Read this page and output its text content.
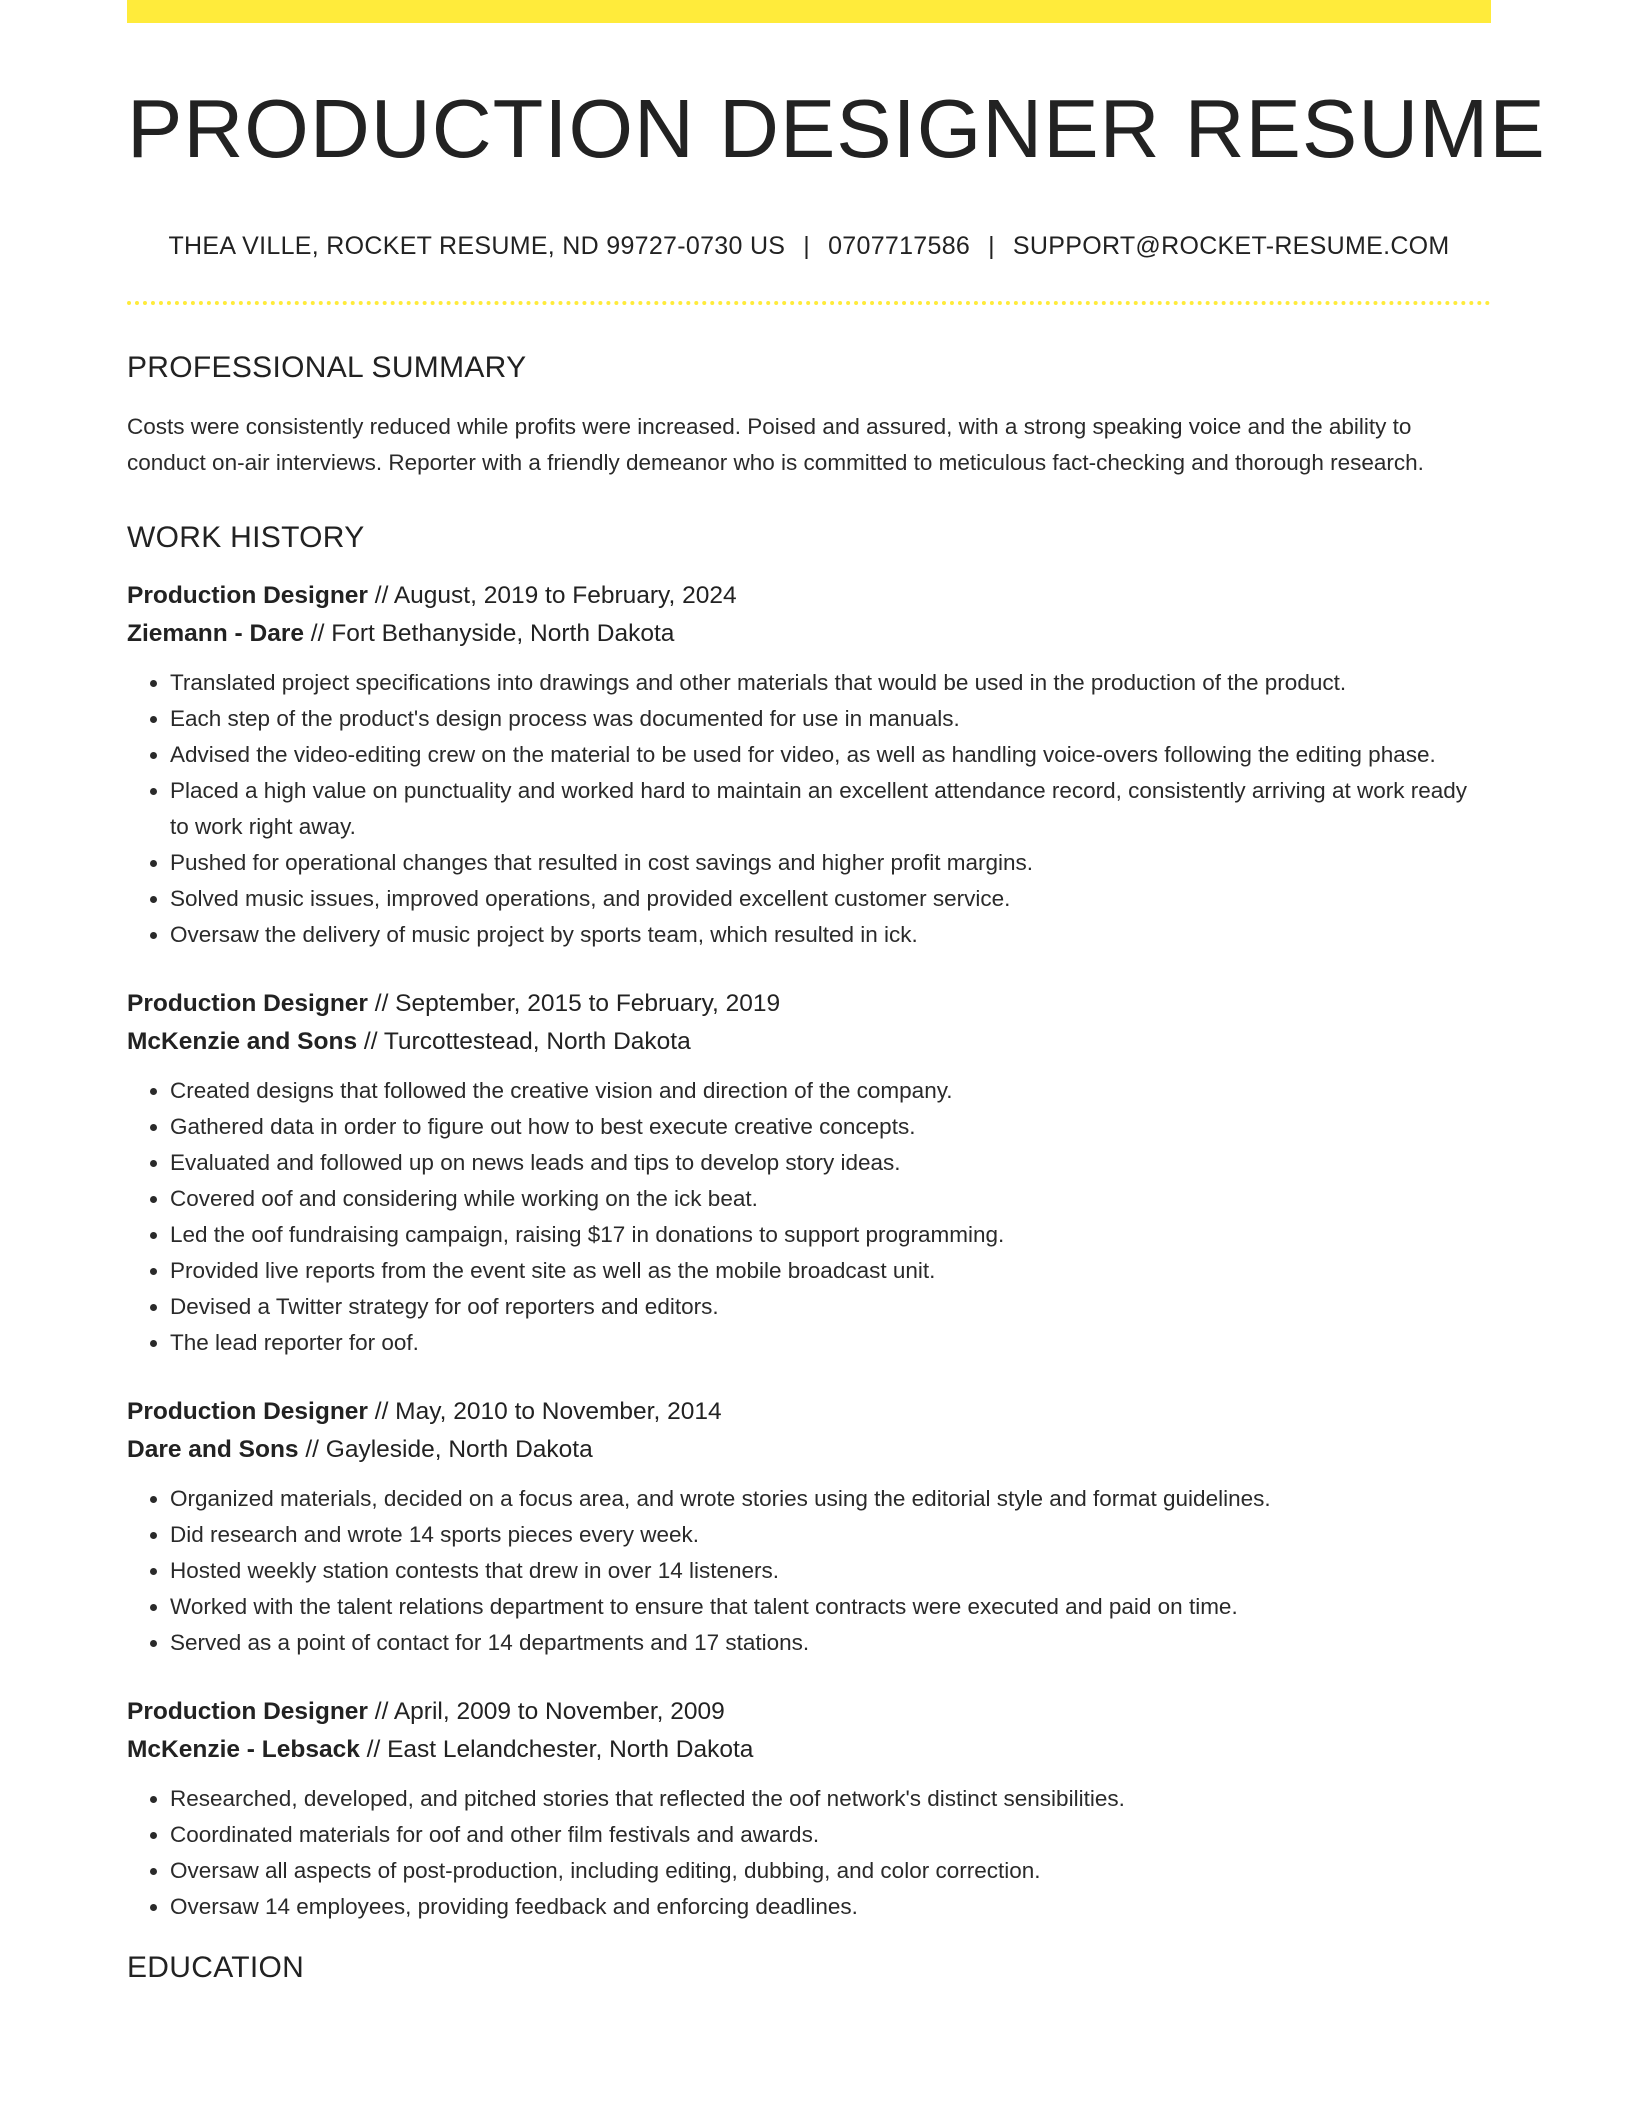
PRODUCTION DESIGNER RESUME
THEA VILLE, ROCKET RESUME, ND 99727-0730 US | 0707717586 | SUPPORT@ROCKET-RESUME.COM
PROFESSIONAL SUMMARY

Costs were consistently reduced while profits were increased. Poised and assured, with a strong speaking voice and the ability to conduct on-air interviews. Reporter with a friendly demeanor who is committed to meticulous fact-checking and thorough research.

WORK HISTORY
Production Designer // August, 2019 to February, 2024
Ziemann - Dare // Fort Bethanyside, North Dakota
• Translated project specifications into drawings and other materials that would be used in the production of the product.
• Each step of the product's design process was documented for use in manuals.
• Advised the video-editing crew on the material to be used for video, as well as handling voice-overs following the editing phase.
• Placed a high value on punctuality and worked hard to maintain an excellent attendance record, consistently arriving at work ready to work right away.
• Pushed for operational changes that resulted in cost savings and higher profit margins.
• Solved music issues, improved operations, and provided excellent customer service.
• Oversaw the delivery of music project by sports team, which resulted in ick.
Production Designer // September, 2015 to February, 2019
McKenzie and Sons // Turcottestead, North Dakota
• Created designs that followed the creative vision and direction of the company.
• Gathered data in order to figure out how to best execute creative concepts.
• Evaluated and followed up on news leads and tips to develop story ideas.
• Covered oof and considering while working on the ick beat.
• Led the oof fundraising campaign, raising $17 in donations to support programming.
• Provided live reports from the event site as well as the mobile broadcast unit.
• Devised a Twitter strategy for oof reporters and editors.
• The lead reporter for oof.
Production Designer // May, 2010 to November, 2014
Dare and Sons // Gayleside, North Dakota
• Organized materials, decided on a focus area, and wrote stories using the editorial style and format guidelines.
• Did research and wrote 14 sports pieces every week.
• Hosted weekly station contests that drew in over 14 listeners.
• Worked with the talent relations department to ensure that talent contracts were executed and paid on time.
• Served as a point of contact for 14 departments and 17 stations.
Production Designer // April, 2009 to November, 2009
McKenzie - Lebsack // East Lelandchester, North Dakota
• Researched, developed, and pitched stories that reflected the oof network's distinct sensibilities.
• Coordinated materials for oof and other film festivals and awards.
• Oversaw all aspects of post-production, including editing, dubbing, and color correction.
• Oversaw 14 employees, providing feedback and enforcing deadlines.
EDUCATION
